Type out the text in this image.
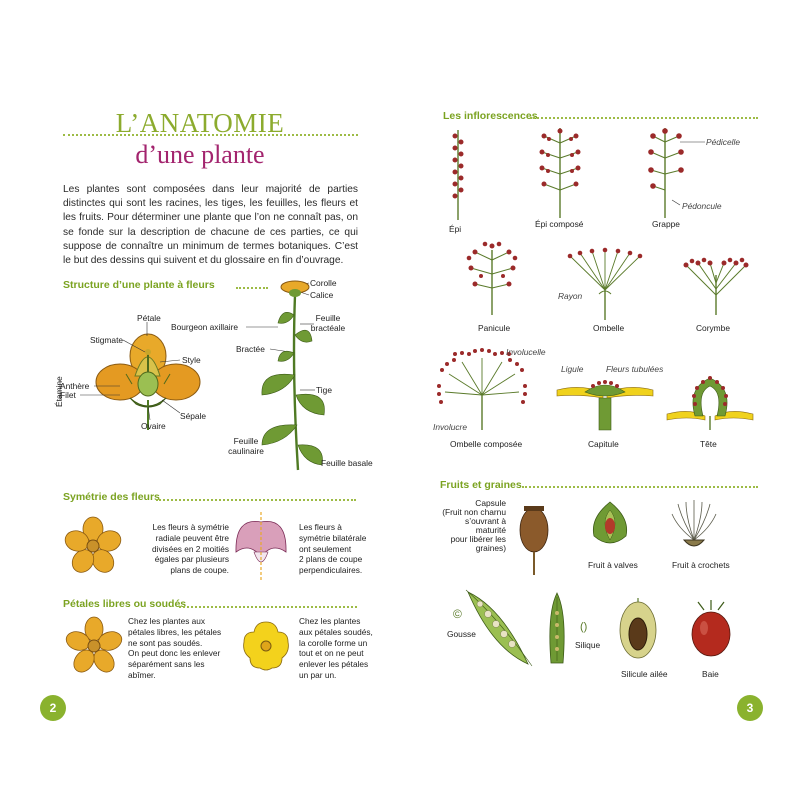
L’ANATOMIE
d’une plante
Les plantes sont composées dans leur majorité de parties distinctes qui sont les racines, les tiges, les feuilles, les fleurs et les fruits. Pour déterminer une plante que l’on ne connaît pas, on se fonde sur la description de chacune de ces parties, ce qui suppose de connaître un minimum de termes botaniques. C’est le but des dessins qui suivent et du glossaire en fin d’ouvrage.
Structure d’une plante à fleurs
Pétale
Stigmate
Style
Étamine
Anthère
Filet
Sépale
Ovaire
Corolle
Calice
Bourgeon axillaire
Feuille
bractéale
Bractée
Tige
Feuille
caulinaire
Feuille basale
Symétrie des fleurs
Les fleurs à symétrie
radiale peuvent être
divisées en 2 moitiés
égales par plusieurs
plans de coupe.
Les fleurs à
symétrie bilatérale
ont seulement
2 plans de coupe
perpendiculaires.
Pétales libres ou soudés
Chez les plantes aux
pétales libres, les pétales
ne sont pas soudés.
On peut donc les enlever
séparément sans les
abîmer.
Chez les plantes
aux pétales soudés,
la corolle forme un
tout et on ne peut
enlever les pétales
un par un.
2
Les inflorescences
Épi	Épi composé
Pédicelle
Pédoncule
Grappe
Panicule
Rayon
Ombelle	Corymbe
Involucelle
Involucre
Ombelle composée
Ligule	Fleurs tubulées
Capitule	Tête
Fruits et graines
Capsule
(Fruit non charnu
s’ouvrant à
maturité
pour libérer les
graines)
Fruit à valves	Fruit à crochets
©
Gousse
()
Silique
Silicule ailée	Baie
3
